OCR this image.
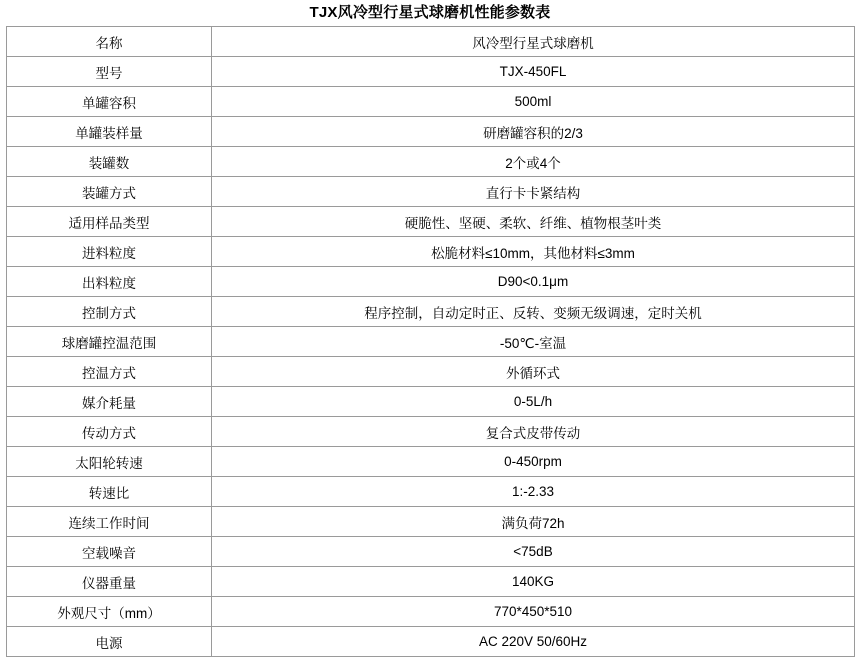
TJX风冷型行星式球磨机性能参数表
名称	风冷型行星式球磨机
型号	TJX-450FL
单罐容积	500ml
单罐装样量	研磨罐容积的2/3
装罐数	2个或4个
装罐方式	直行卡卡紧结构
适用样品类型	硬脆性、坚硬、柔软、纤维、植物根茎叶类
进料粒度	松脆材料≤10mm，其他材料≤3mm
出料粒度	D90<0.1μm
控制方式	程序控制，自动定时正、反转、变频无级调速，定时关机
球磨罐控温范围	-50℃-室温
控温方式	外循环式
媒介耗量	0-5L/h
传动方式	复合式皮带传动
太阳轮转速	0-450rpm
转速比	1:-2.33
连续工作时间	满负荷72h
空载噪音	<75dB
仪器重量	140KG
外观尺寸（mm）	770*450*510
电源	AC 220V 50/60Hz
